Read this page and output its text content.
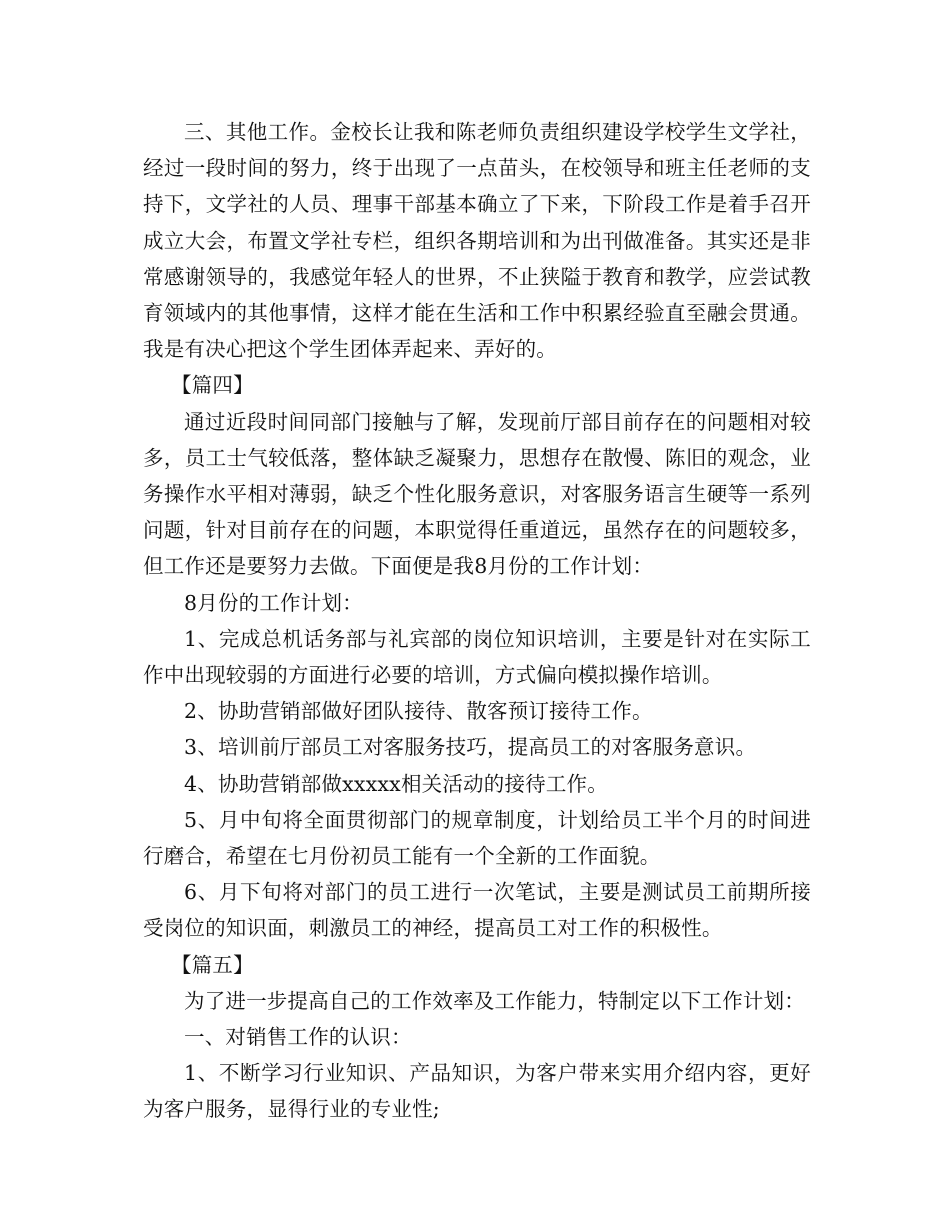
三、其他工作。金校长让我和陈老师负责组织建设学校学生文学社，经过一段时间的努力，终于出现了一点苗头，在校领导和班主任老师的支持下，文学社的人员、理事干部基本确立了下来，下阶段工作是着手召开成立大会，布置文学社专栏，组织各期培训和为出刊做准备。其实还是非常感谢领导的，我感觉年轻人的世界，不止狭隘于教育和教学，应尝试教育领域内的其他事情，这样才能在生活和工作中积累经验直至融会贯通。我是有决心把这个学生团体弄起来、弄好的。

【篇四】

通过近段时间同部门接触与了解，发现前厅部目前存在的问题相对较多，员工士气较低落，整体缺乏凝聚力，思想存在散慢、陈旧的观念，业务操作水平相对薄弱，缺乏个性化服务意识，对客服务语言生硬等一系列问题，针对目前存在的问题，本职觉得任重道远，虽然存在的问题较多，但工作还是要努力去做。下面便是我8月份的工作计划：

8月份的工作计划：

1、完成总机话务部与礼宾部的岗位知识培训，主要是针对在实际工作中出现较弱的方面进行必要的培训，方式偏向模拟操作培训。

2、协助营销部做好团队接待、散客预订接待工作。

3、培训前厅部员工对客服务技巧，提高员工的对客服务意识。

4、协助营销部做xxxxx相关活动的接待工作。

5、月中旬将全面贯彻部门的规章制度，计划给员工半个月的时间进行磨合，希望在七月份初员工能有一个全新的工作面貌。

6、月下旬将对部门的员工进行一次笔试，主要是测试员工前期所接受岗位的知识面，刺激员工的神经，提高员工对工作的积极性。

【篇五】

为了进一步提高自己的工作效率及工作能力，特制定以下工作计划：

一、对销售工作的认识：

1、不断学习行业知识、产品知识，为客户带来实用介绍内容，更好为客户服务，显得行业的专业性;
